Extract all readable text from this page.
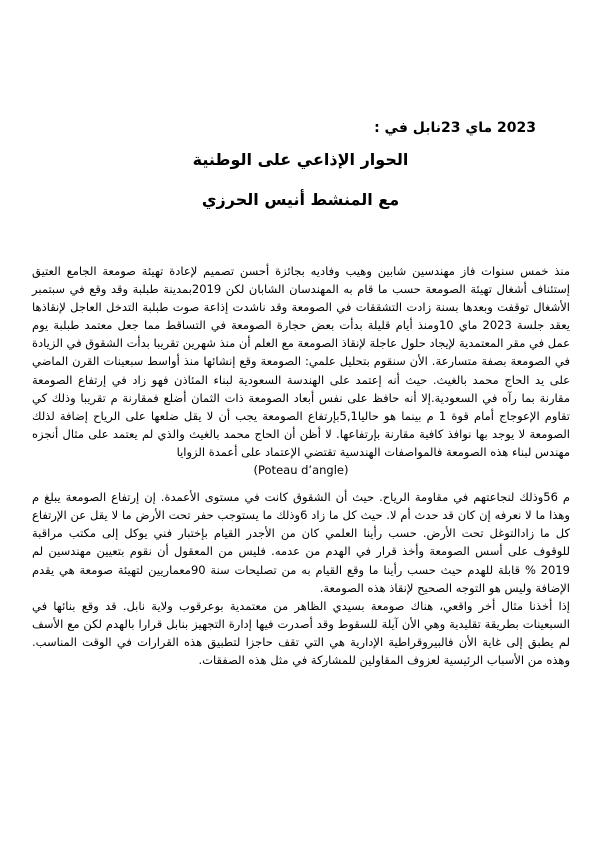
2023 ماي 23نابل في :
الحوار الإذاعي على الوطنية
مع المنشط أنيس الحرزي

منذ خمس سنوات فاز مهندسين شابين وهيب وفاديه بجائزة أحسن تصميم لإعادة تهيئة صومعة الجامع العتيق إستئناف أشغال تهيئة الصومعة حسب ما قام به المهندسان الشابان لكن 2019بمدينة طبلبة وقد وقع في سبتمبر الأشغال توقفت وبعدها بسنة زادت التشققات في الصومعة وقد ناشدت إذاعة صوت طبلبة التدخل العاجل لإنقاذها يعقد جلسة 2023 ماي 10ومنذ أيام قليلة بدأت بعض حجارة الصومعة في التساقط مما جعل معتمد طبلبة يوم عمل في مقر المعتمدية لإيجاد حلول عاجلة لإنقاذ الصومعة مع العلم أن منذ شهرين تقريبا بدأت الشقوق في الزيادة في الصومعة بصفة متسارعة. الأن سنقوم بتحليل علمي: الصومعة وقع إنشائها منذ أواسط سبعينات القرن الماضي على يد الحاج محمد بالغيث. حيث أنه إعتمد على الهندسة السعودية لبناء المئاذن فهو زاد في إرتفاع الصومعة مقارنة بما رآه في السعودية.إلا أنه حافظ على نفس أبعاد الصومعة ذات الثمان أضلع فمقارنة م تقريبا وذلك كي تقاوم الإعوجاج أمام قوة 1 م بينما هو حاليا5,1بإرتفاع الصومعة يجب أن لا يقل ضلعها على الرياح إضافة لذلك الصومعة لا يوجد بها نوافذ كافية مقارنة بإرتفاعها. لا أظن أن الحاج محمد بالغيث والذي لم يعتمد على مثال أنجزه مهندس لبناء هذه الصومعة فالمواصفات الهندسية تقتضي الإعتماد على أعمدة الزوايا

(Poteau d’angle)

م 56وذلك لنجاعتهم في مقاومة الرياح. حيث أن الشقوق كانت في مستوى الأعمدة. إن إرتفاع الصومعة يبلغ م وهذا ما لا نعرفه إن كان قد حدث أم لا. حيث كل ما زاد 6وذلك ما يستوجب حفر تحت الأرض ما لا يقل عن الإرتفاع كل ما زادالتوغل تحت الأرض. حسب رأينا العلمي كان من الأجدر القيام بإختبار فني يوكل إلى مكتب مراقبة للوقوف على أسس الصومعة وأخذ قرار في الهدم من عدمه. فليس من المعقول أن نقوم بتعيين مهندسين لم 2019 % قابلة للهدم حيث حسب رأينا ما وقع القيام به من تصليحات سنة 90معماريين لتهيئة صومعة هي يقدم الإضافة وليس هو التوجه الصحيح لإنقاذ هذه الصومعة.

إذا أخذنا مثال أخر واقعي، هناك صومعة بسيدي الظاهر من معتمدية بوعرقوب ولاية نابل. قد وقع بنائها في السبعينات بطريقة تقليدية وهي الأن آيلة للسقوط وقد أصدرت فيها إدارة التجهيز بنابل قرارا بالهدم لكن مع الأسف لم يطبق إلى غاية الأن فالبيروقراطية الإدارية هي التي تقف حاجزا لتطبيق هذه القرارات في الوقت المناسب. وهذه من الأسباب الرئيسية لعزوف المقاولين للمشاركة في مثل هذه الصفقات.
